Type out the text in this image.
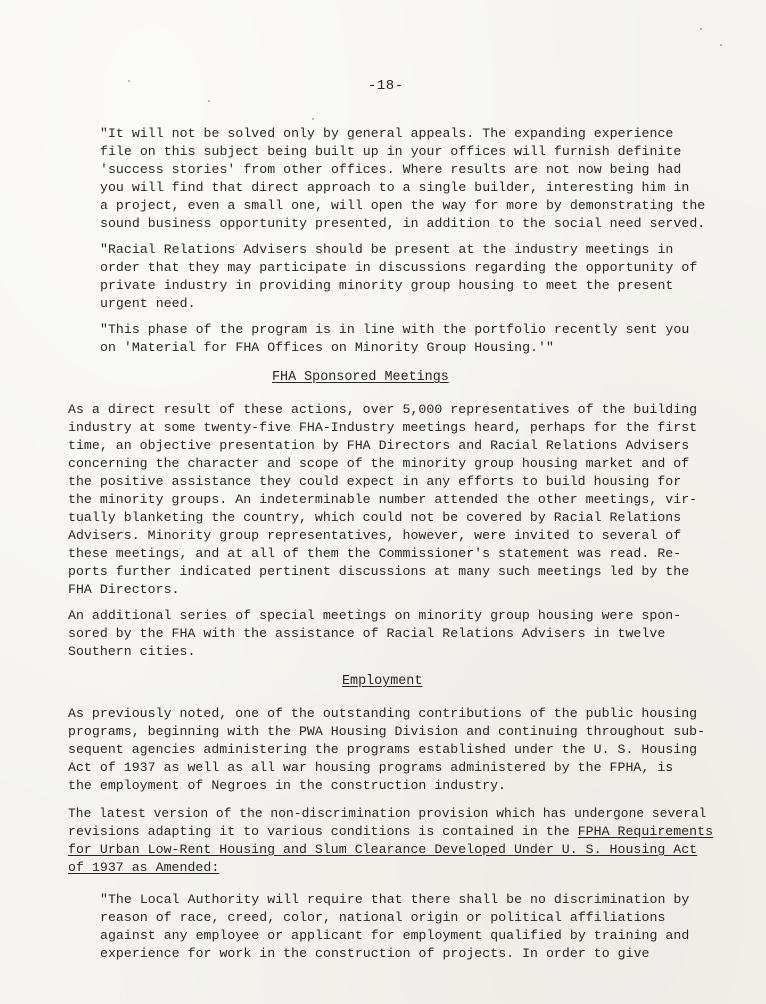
-18-
"It will not be solved only by general appeals. The expanding experience
file on this subject being built up in your offices will furnish definite
'success stories' from other offices. Where results are not now being had
you will find that direct approach to a single builder, interesting him in
a project, even a small one, will open the way for more by demonstrating the
sound business opportunity presented, in addition to the social need served.
"Racial Relations Advisers should be present at the industry meetings in
order that they may participate in discussions regarding the opportunity of
private industry in providing minority group housing to meet the present
urgent need.
"This phase of the program is in line with the portfolio recently sent you
on 'Material for FHA Offices on Minority Group Housing.'"
FHA Sponsored Meetings
As a direct result of these actions, over 5,000 representatives of the building
industry at some twenty-five FHA-Industry meetings heard, perhaps for the first
time, an objective presentation by FHA Directors and Racial Relations Advisers
concerning the character and scope of the minority group housing market and of
the positive assistance they could expect in any efforts to build housing for
the minority groups. An indeterminable number attended the other meetings, vir-
tually blanketing the country, which could not be covered by Racial Relations
Advisers. Minority group representatives, however, were invited to several of
these meetings, and at all of them the Commissioner's statement was read. Re-
ports further indicated pertinent discussions at many such meetings led by the
FHA Directors.
An additional series of special meetings on minority group housing were spon-
sored by the FHA with the assistance of Racial Relations Advisers in twelve
Southern cities.
Employment
As previously noted, one of the outstanding contributions of the public housing
programs, beginning with the PWA Housing Division and continuing throughout sub-
sequent agencies administering the programs established under the U. S. Housing
Act of 1937 as well as all war housing programs administered by the FPHA, is
the employment of Negroes in the construction industry.
The latest version of the non-discrimination provision which has undergone several
revisions adapting it to various conditions is contained in the FPHA Requirements
for Urban Low-Rent Housing and Slum Clearance Developed Under U. S. Housing Act
of 1937 as Amended:
"The Local Authority will require that there shall be no discrimination by
reason of race, creed, color, national origin or political affiliations
against any employee or applicant for employment qualified by training and
experience for work in the construction of projects. In order to give
